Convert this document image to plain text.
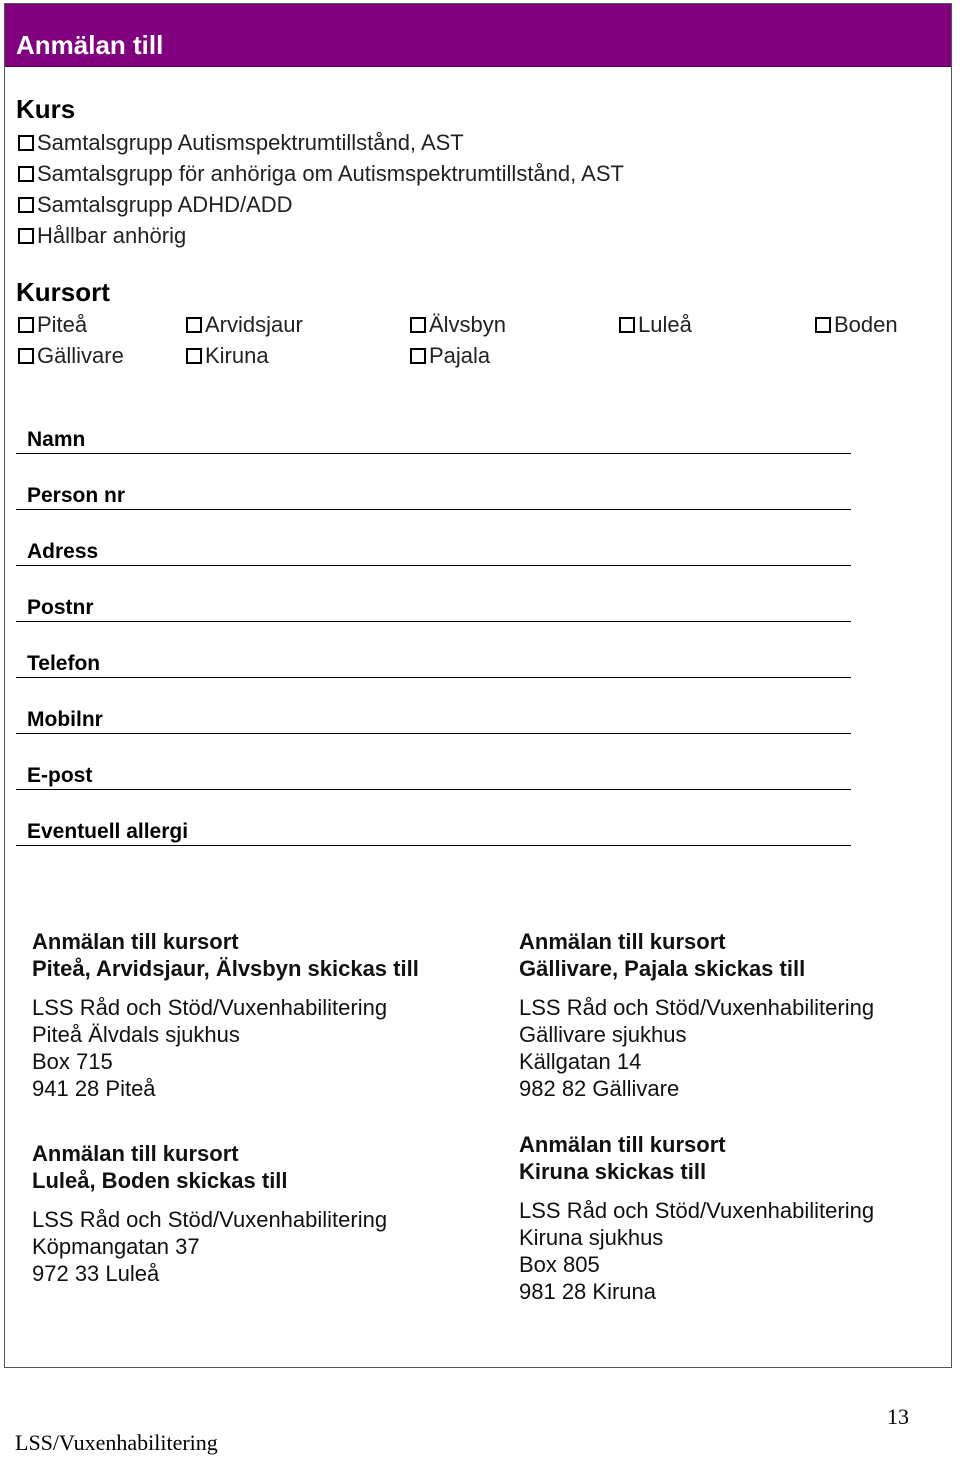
Anmälan till
Kurs
Samtalsgrupp Autismspektrumtillstånd, AST
Samtalsgrupp för anhöriga om Autismspektrumtillstånd, AST
Samtalsgrupp ADHD/ADD
Hållbar anhörig
Kursort
Piteå	Arvidsjaur	Älvsbyn	Luleå	Boden
Gällivare	Kiruna	Pajala
Namn
Person nr
Adress
Postnr
Telefon
Mobilnr
E-post
Eventuell allergi
Anmälan till kursort
Piteå, Arvidsjaur, Älvsbyn skickas till
LSS Råd och Stöd/Vuxenhabilitering
Piteå Älvdals sjukhus
Box 715
941 28 Piteå
Anmälan till kursort
Gällivare, Pajala skickas till
LSS Råd och Stöd/Vuxenhabilitering
Gällivare sjukhus
Källgatan 14
982 82 Gällivare
Anmälan till kursort
Luleå, Boden skickas till
LSS Råd och Stöd/Vuxenhabilitering
Köpmangatan 37
972 33 Luleå
Anmälan till kursort
Kiruna skickas till
LSS Råd och Stöd/Vuxenhabilitering
Kiruna sjukhus
Box 805
981 28 Kiruna
13
LSS/Vuxenhabilitering
